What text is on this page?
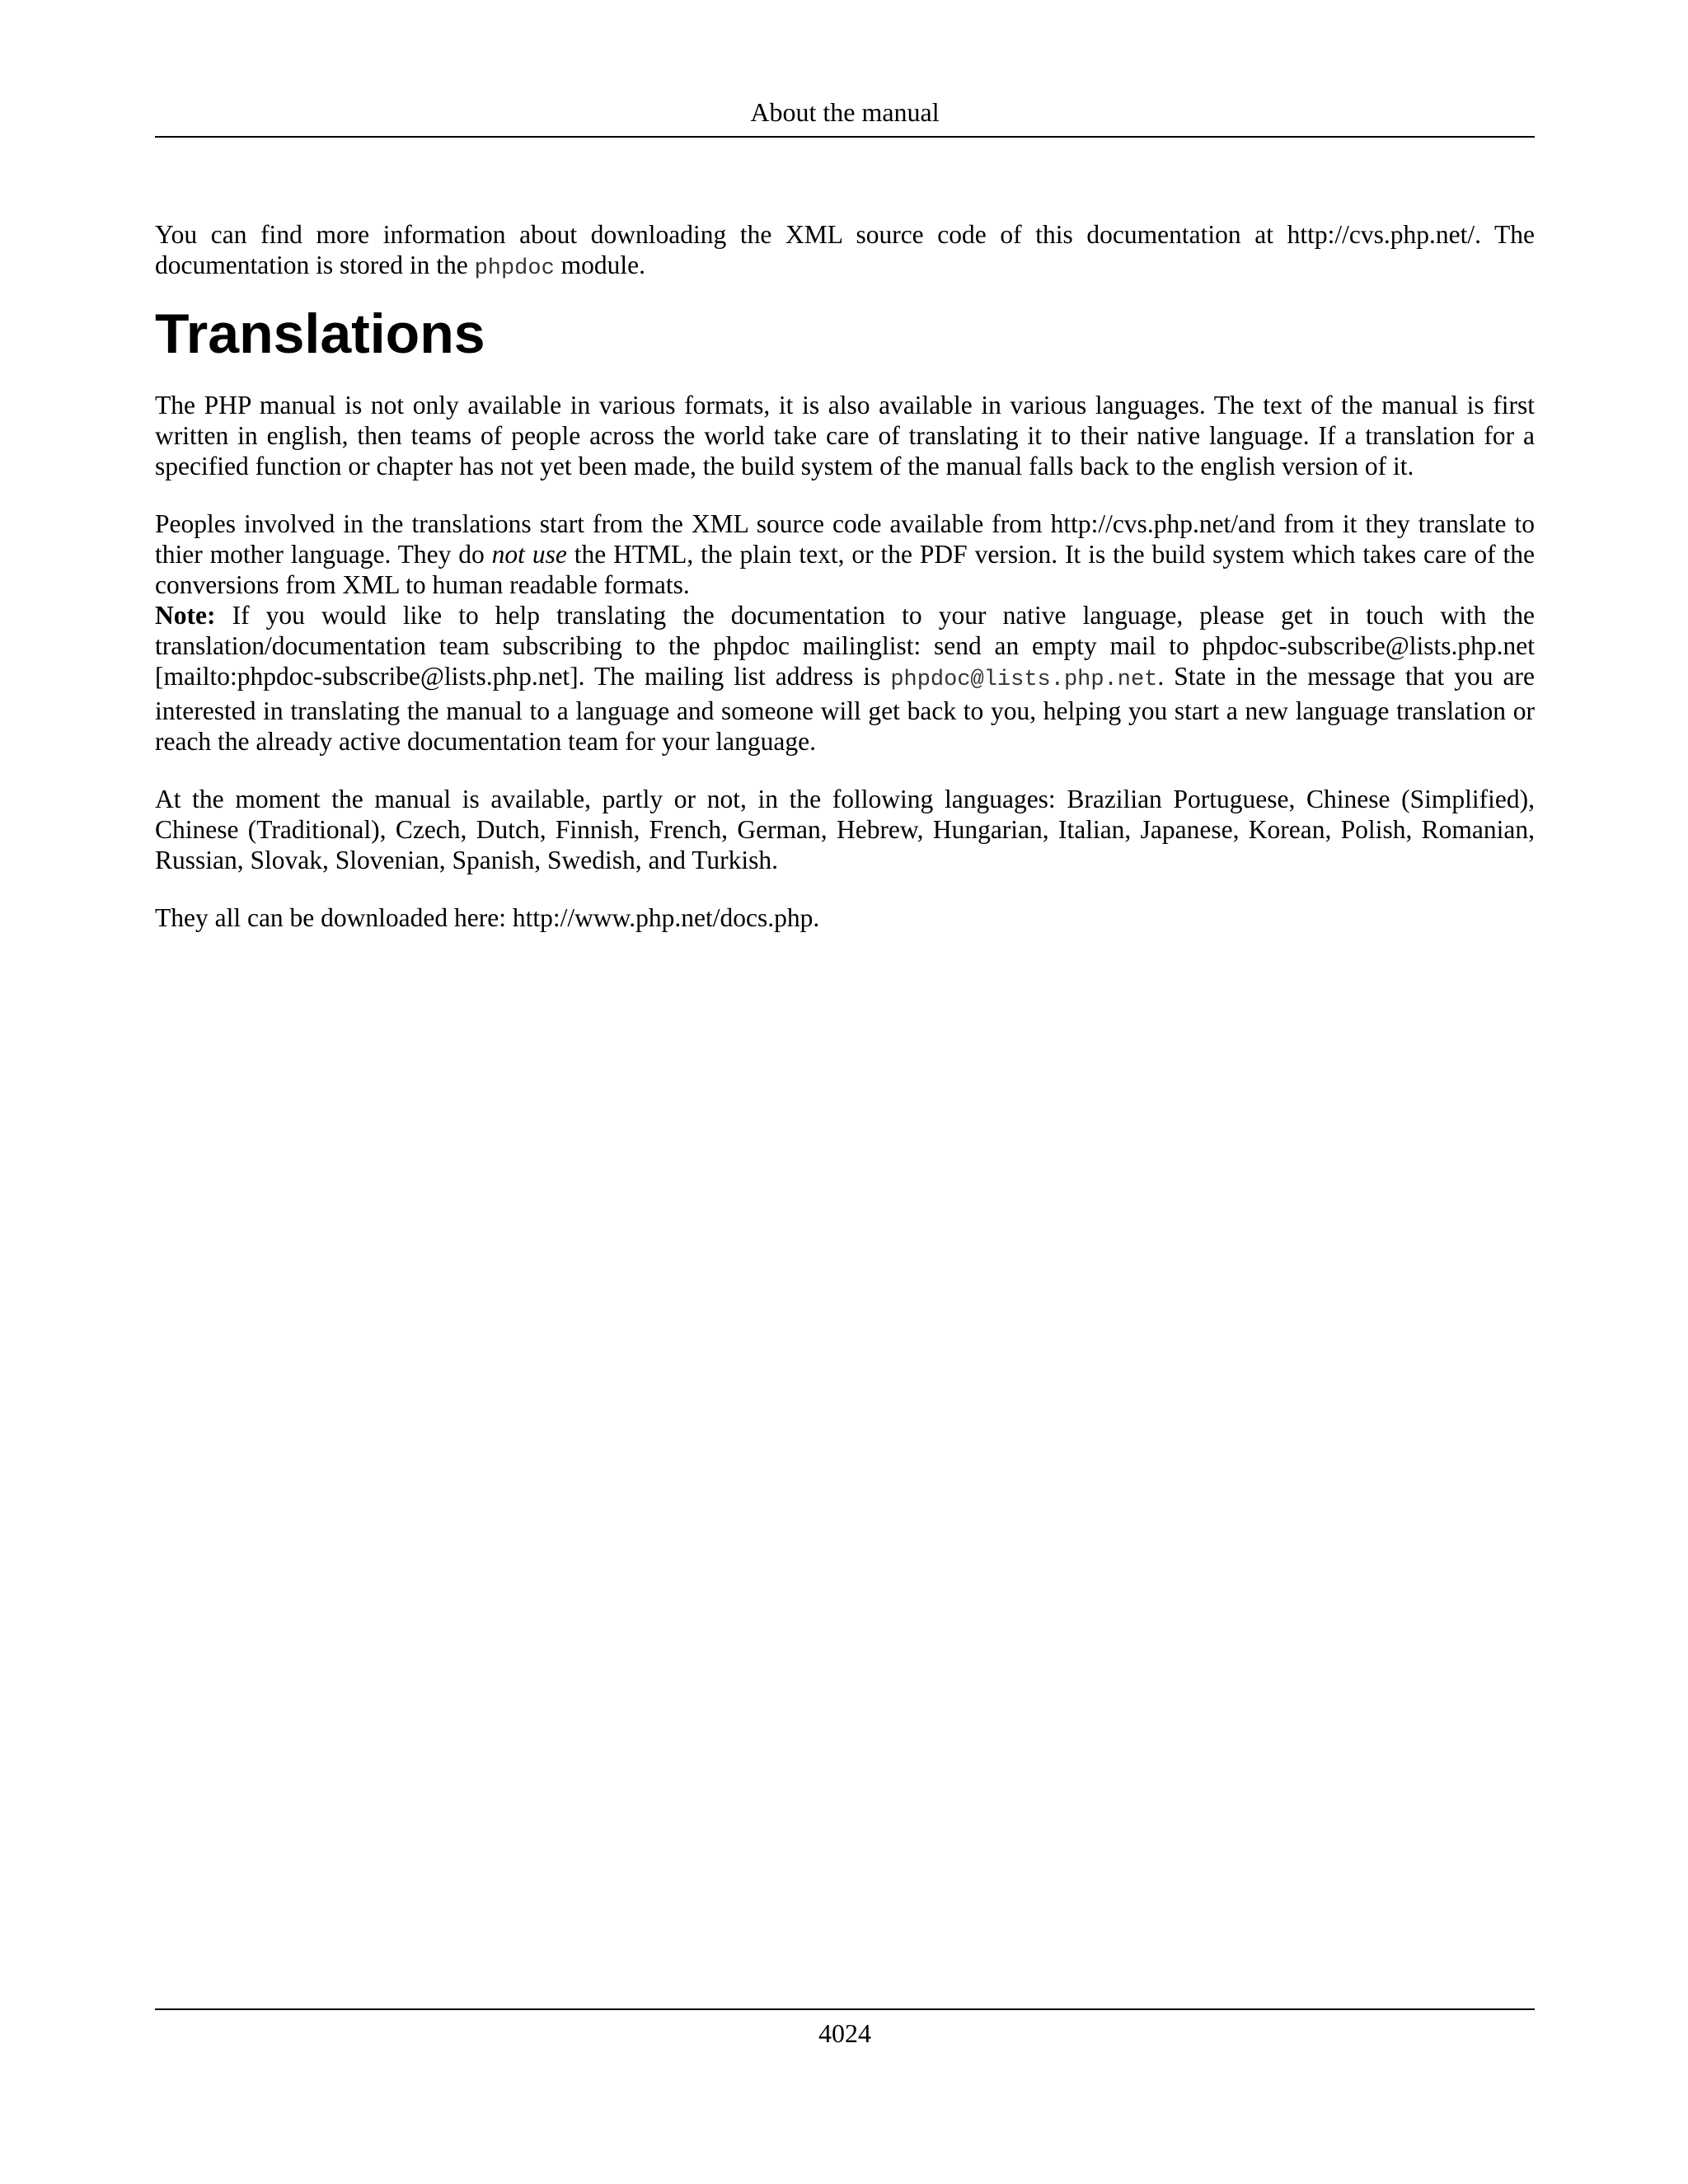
About the manual

You can find more information about downloading the XML source code of this documentation at http://cvs.php.net/. The documentation is stored in the phpdoc module.

Translations

The PHP manual is not only available in various formats, it is also available in various languages. The text of the manual is first written in english, then teams of people across the world take care of translating it to their native language. If a translation for a specified function or chapter has not yet been made, the build system of the manual falls back to the english version of it.

Peoples involved in the translations start from the XML source code available from http://cvs.php.net/and from it they translate to thier mother language. They do not use the HTML, the plain text, or the PDF version. It is the build system which takes care of the conversions from XML to human readable formats.

Note: If you would like to help translating the documentation to your native language, please get in touch with the translation/documentation team subscribing to the phpdoc mailinglist: send an empty mail to phpdoc-subscribe@lists.php.net [mailto:phpdoc-subscribe@lists.php.net]. The mailing list address is phpdoc@lists.php.net. State in the message that you are interested in translating the manual to a language and someone will get back to you, helping you start a new language translation or reach the already active documentation team for your language.

At the moment the manual is available, partly or not, in the following languages: Brazilian Portuguese, Chinese (Simplified), Chinese (Traditional), Czech, Dutch, Finnish, French, German, Hebrew, Hungarian, Italian, Japanese, Korean, Polish, Romanian, Russian, Slovak, Slovenian, Spanish, Swedish, and Turkish.

They all can be downloaded here: http://www.php.net/docs.php.

4024
